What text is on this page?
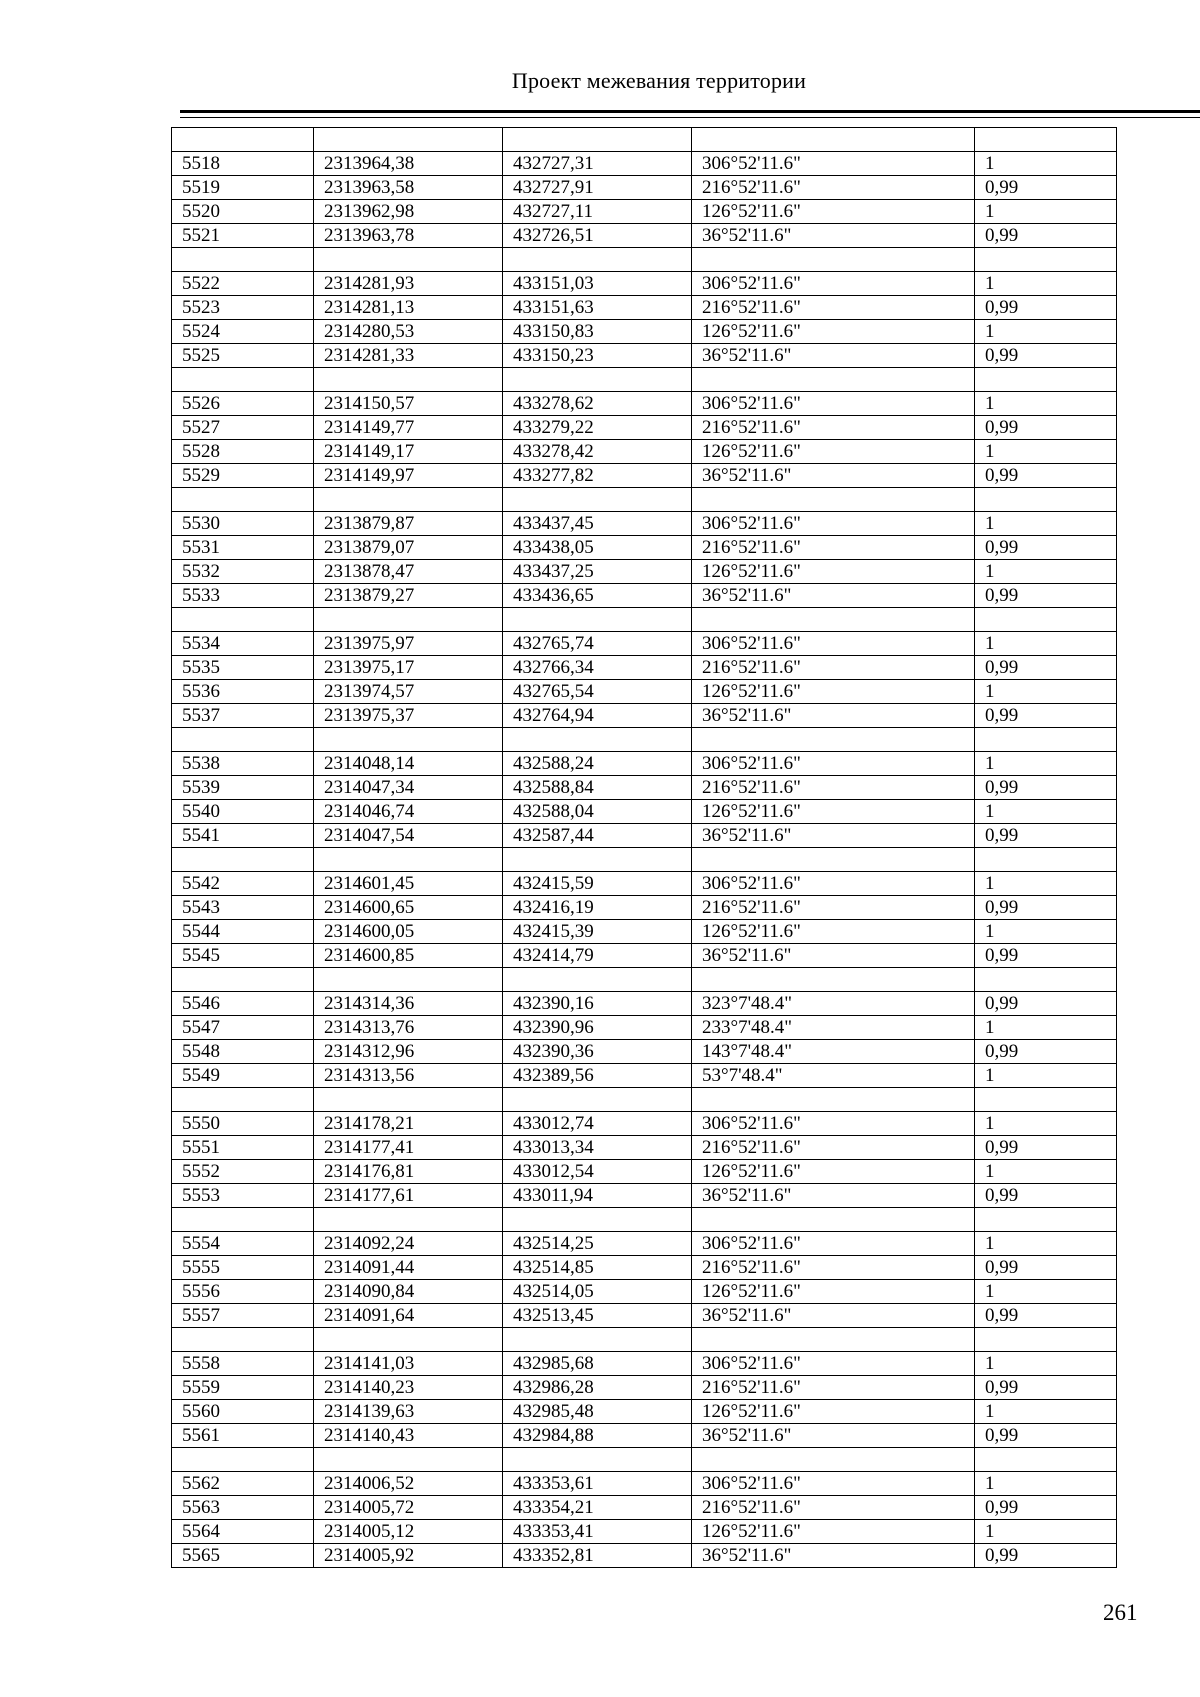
Проект межевания территории

5518	2313964,38	432727,31	306°52'11.6"	1
5519	2313963,58	432727,91	216°52'11.6"	0,99
5520	2313962,98	432727,11	126°52'11.6"	1
5521	2313963,78	432726,51	36°52'11.6"	0,99

5522	2314281,93	433151,03	306°52'11.6"	1
5523	2314281,13	433151,63	216°52'11.6"	0,99
5524	2314280,53	433150,83	126°52'11.6"	1
5525	2314281,33	433150,23	36°52'11.6"	0,99

5526	2314150,57	433278,62	306°52'11.6"	1
5527	2314149,77	433279,22	216°52'11.6"	0,99
5528	2314149,17	433278,42	126°52'11.6"	1
5529	2314149,97	433277,82	36°52'11.6"	0,99

5530	2313879,87	433437,45	306°52'11.6"	1
5531	2313879,07	433438,05	216°52'11.6"	0,99
5532	2313878,47	433437,25	126°52'11.6"	1
5533	2313879,27	433436,65	36°52'11.6"	0,99

5534	2313975,97	432765,74	306°52'11.6"	1
5535	2313975,17	432766,34	216°52'11.6"	0,99
5536	2313974,57	432765,54	126°52'11.6"	1
5537	2313975,37	432764,94	36°52'11.6"	0,99

5538	2314048,14	432588,24	306°52'11.6"	1
5539	2314047,34	432588,84	216°52'11.6"	0,99
5540	2314046,74	432588,04	126°52'11.6"	1
5541	2314047,54	432587,44	36°52'11.6"	0,99

5542	2314601,45	432415,59	306°52'11.6"	1
5543	2314600,65	432416,19	216°52'11.6"	0,99
5544	2314600,05	432415,39	126°52'11.6"	1
5545	2314600,85	432414,79	36°52'11.6"	0,99

5546	2314314,36	432390,16	323°7'48.4"	0,99
5547	2314313,76	432390,96	233°7'48.4"	1
5548	2314312,96	432390,36	143°7'48.4"	0,99
5549	2314313,56	432389,56	53°7'48.4"	1

5550	2314178,21	433012,74	306°52'11.6"	1
5551	2314177,41	433013,34	216°52'11.6"	0,99
5552	2314176,81	433012,54	126°52'11.6"	1
5553	2314177,61	433011,94	36°52'11.6"	0,99

5554	2314092,24	432514,25	306°52'11.6"	1
5555	2314091,44	432514,85	216°52'11.6"	0,99
5556	2314090,84	432514,05	126°52'11.6"	1
5557	2314091,64	432513,45	36°52'11.6"	0,99

5558	2314141,03	432985,68	306°52'11.6"	1
5559	2314140,23	432986,28	216°52'11.6"	0,99
5560	2314139,63	432985,48	126°52'11.6"	1
5561	2314140,43	432984,88	36°52'11.6"	0,99

5562	2314006,52	433353,61	306°52'11.6"	1
5563	2314005,72	433354,21	216°52'11.6"	0,99
5564	2314005,12	433353,41	126°52'11.6"	1
5565	2314005,92	433352,81	36°52'11.6"	0,99
261
